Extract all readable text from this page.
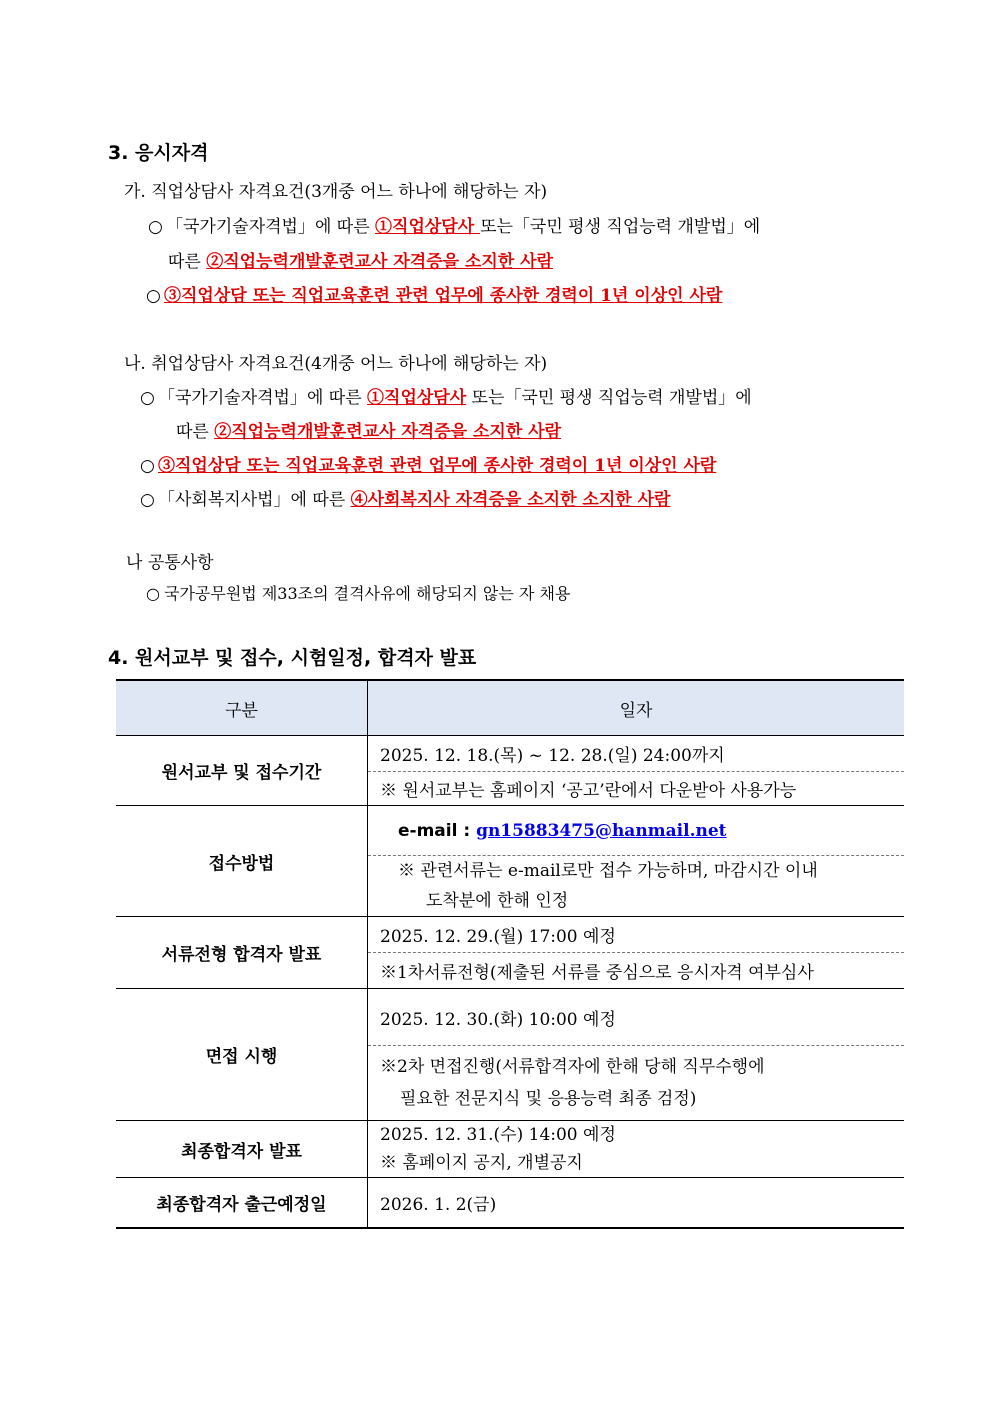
3. 응시자격
가. 직업상담사 자격요건(3개중 어느 하나에 해당하는 자)
○ 「국가기술자격법」에 따른 ①직업상담사 또는「국민 평생 직업능력 개발법」에
따른 ②직업능력개발훈련교사 자격증을 소지한 사람
○ ③직업상담 또는 직업교육훈련 관련 업무에 종사한 경력이 1년 이상인 사람
나. 취업상담사 자격요건(4개중 어느 하나에 해당하는 자)
○ 「국가기술자격법」에 따른 ①직업상담사 또는「국민 평생 직업능력 개발법」에
따른 ②직업능력개발훈련교사 자격증을 소지한 사람
○ ③직업상담 또는 직업교육훈련 관련 업무에 종사한 경력이 1년 이상인 사람
○ 「사회복지사법」에 따른 ④사회복지사 자격증을 소지한 소지한 사람
나 공통사항
○ 국가공무원법 제33조의 결격사유에 해당되지 않는 자 채용
4. 원서교부 및 접수, 시험일정, 합격자 발표
구분	일자
원서교부 및 접수기간	2025. 12. 18.(목) ~ 12. 28.(일) 24:00까지
	※ 원서교부는 홈페이지 ‘공고’란에서 다운받아 사용가능
접수방법	e-mail : gn15883475@hanmail.net

	※ 관련서류는 e-mail로만 접수 가능하며, 마감시간 이내
도착분에 한해 인정

서류전형 합격자 발표	2025. 12. 29.(월) 17:00 예정
	※1차서류전형(제출된 서류를 중심으로 응시자격 여부심사
면접 시행	2025. 12. 30.(화) 10:00 예정

	※2차 면접진행(서류합격자에 한해 당해 직무수행에
필요한 전문지식 및 응용능력 최종 검정)

최종합격자 발표	2025. 12. 31.(수) 14:00 예정
※ 홈페이지 공지, 개별공지

최종합격자 출근예정일	2026. 1. 2(금)
